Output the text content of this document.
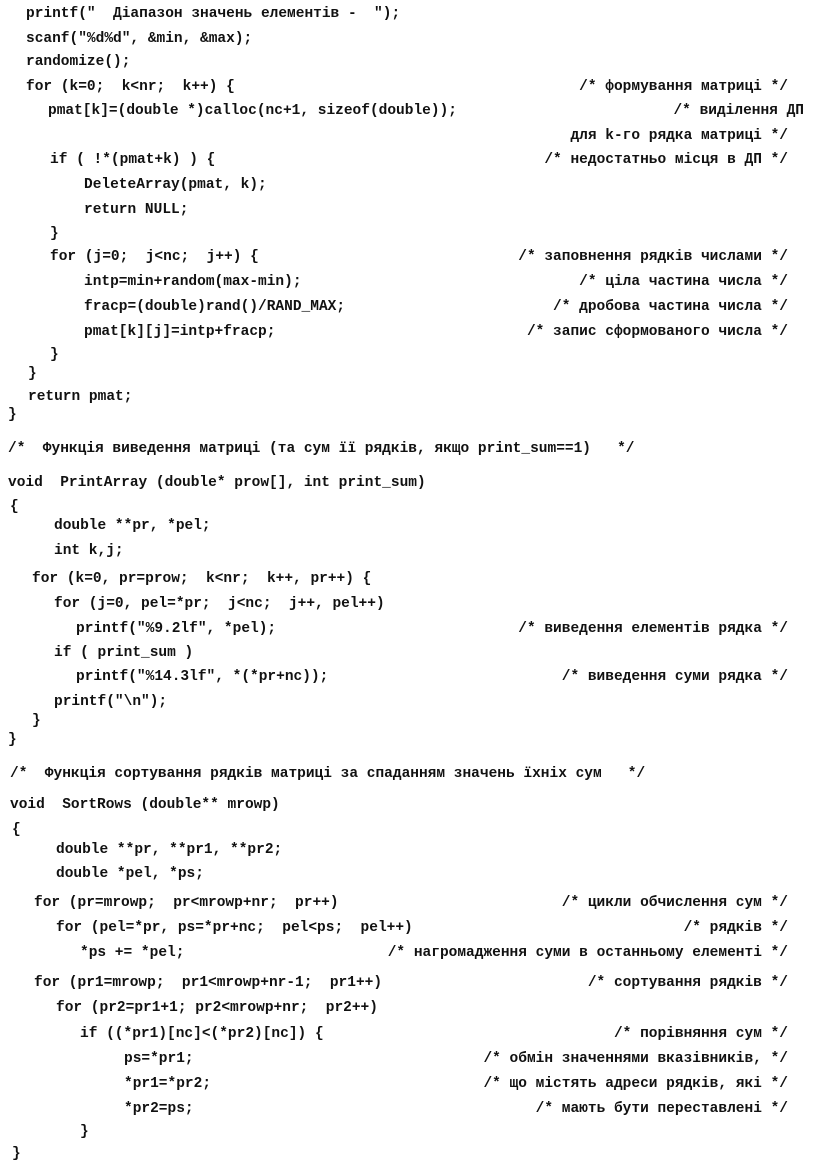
printf("  Діапазон значень елементів -  ");
scanf("%d%d", &min, &max);
randomize();
for (k=0;  k<nr;  k++) {	/* формування матриці */
pmat[k]=(double *)calloc(nc+1, sizeof(double));	/* виділення ДП
для k-го рядка матриці */
if ( !*(pmat+k) ) {	/* недостатньо місця в ДП */
DeleteArray(pmat, k);
return NULL;
}
for (j=0;  j<nc;  j++) {	/* заповнення рядків числами */
intp=min+random(max-min);	/* ціла частина числа */
fracp=(double)rand()/RAND_MAX;	/* дробова частина числа */
pmat[k][j]=intp+fracp;	/* запис сформованого числа */
}
}
return pmat;
}
/*  Функція виведення матриці (та сум її рядків, якщо print_sum==1)   */
void  PrintArray (double* prow[], int print_sum)
{
double **pr, *pel;
int k,j;
for (k=0, pr=prow;  k<nr;  k++, pr++) {
for (j=0, pel=*pr;  j<nc;  j++, pel++)
printf("%9.2lf", *pel);	/* виведення елементів рядка */
if ( print_sum )
printf("%14.3lf", *(*pr+nc));	/* виведення суми рядка */
printf("\n");
}
}
/*  Функція сортування рядків матриці за спаданням значень їхніх сум   */
void  SortRows (double** mrowp)
{
double **pr, **pr1, **pr2;
double *pel, *ps;
for (pr=mrowp;  pr<mrowp+nr;  pr++)	/* цикли обчислення сум */
for (pel=*pr, ps=*pr+nc;  pel<ps;  pel++)	/* рядків */
*ps += *pel;	/* нагромадження суми в останньому елементі */
for (pr1=mrowp;  pr1<mrowp+nr-1;  pr1++)	/* сортування рядків */
for (pr2=pr1+1; pr2<mrowp+nr;  pr2++)
if ((*pr1)[nc]<(*pr2)[nc]) {	/* порівняння сум */
ps=*pr1;	/* обмін значеннями вказівників, */
*pr1=*pr2;	/* що містять адреси рядків, які */
*pr2=ps;	/* мають бути переставлені */
}
}
